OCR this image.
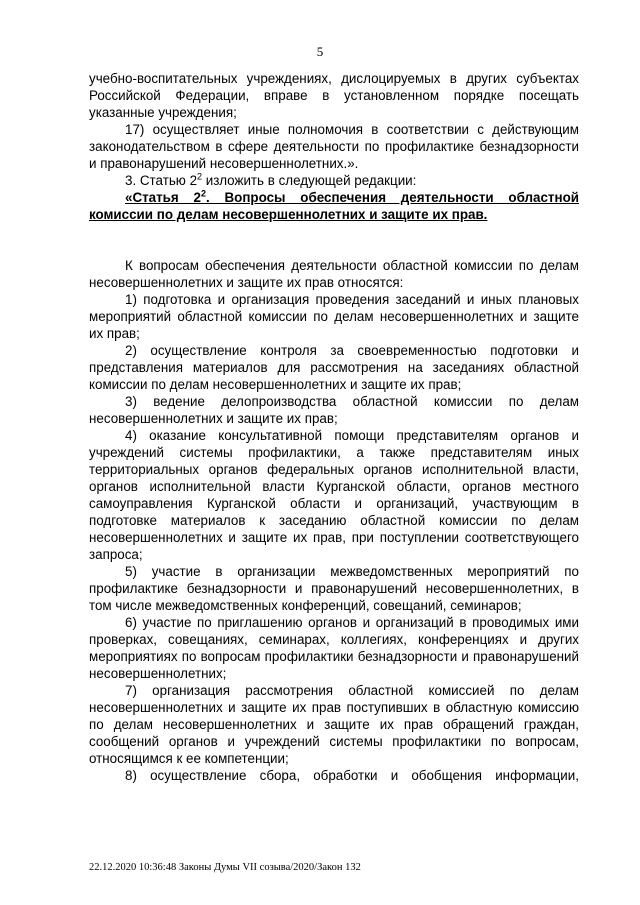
5

учебно-воспитательных учреждениях, дислоцируемых в других субъектах Российской Федерации, вправе в установленном порядке посещать указанные учреждения;

17) осуществляет иные полномочия в соответствии с действующим законодательством в сфере деятельности по профилактике безнадзорности и правонарушений несовершеннолетних.».

3. Статью $2^2$ изложить в следующей редакции:

«Статья $2^2$. Вопросы обеспечения деятельности областной комиссии по делам несовершеннолетних и защите их прав.

К вопросам обеспечения деятельности областной комиссии по делам несовершеннолетних и защите их прав относятся:

1) подготовка и организация проведения заседаний и иных плановых мероприятий областной комиссии по делам несовершеннолетних и защите их прав;

2) осуществление контроля за своевременностью подготовки и представления материалов для рассмотрения на заседаниях областной комиссии по делам несовершеннолетних и защите их прав;

3) ведение делопроизводства областной комиссии по делам несовершеннолетних и защите их прав;

4) оказание консультативной помощи представителям органов и учреждений системы профилактики, а также представителям иных территориальных органов федеральных органов исполнительной власти, органов исполнительной власти Курганской области, органов местного самоуправления Курганской области и организаций, участвующим в подготовке материалов к заседанию областной комиссии по делам несовершеннолетних и защите их прав, при поступлении соответствующего запроса;

5) участие в организации межведомственных мероприятий по профилактике безнадзорности и правонарушений несовершеннолетних, в том числе межведомственных конференций, совещаний, семинаров;

6) участие по приглашению органов и организаций в проводимых ими проверках, совещаниях, семинарах, коллегиях, конференциях и других мероприятиях по вопросам профилактики безнадзорности и правонарушений несовершеннолетних;

7) организация рассмотрения областной комиссией по делам несовершеннолетних и защите их прав поступивших в областную комиссию по делам несовершеннолетних и защите их прав обращений граждан, сообщений органов и учреждений системы профилактики по вопросам, относящимся к ее компетенции;

8) осуществление сбора, обработки и обобщения информации,

22.12.2020 10:36:48 Законы Думы VII созыва/2020/Закон 132
